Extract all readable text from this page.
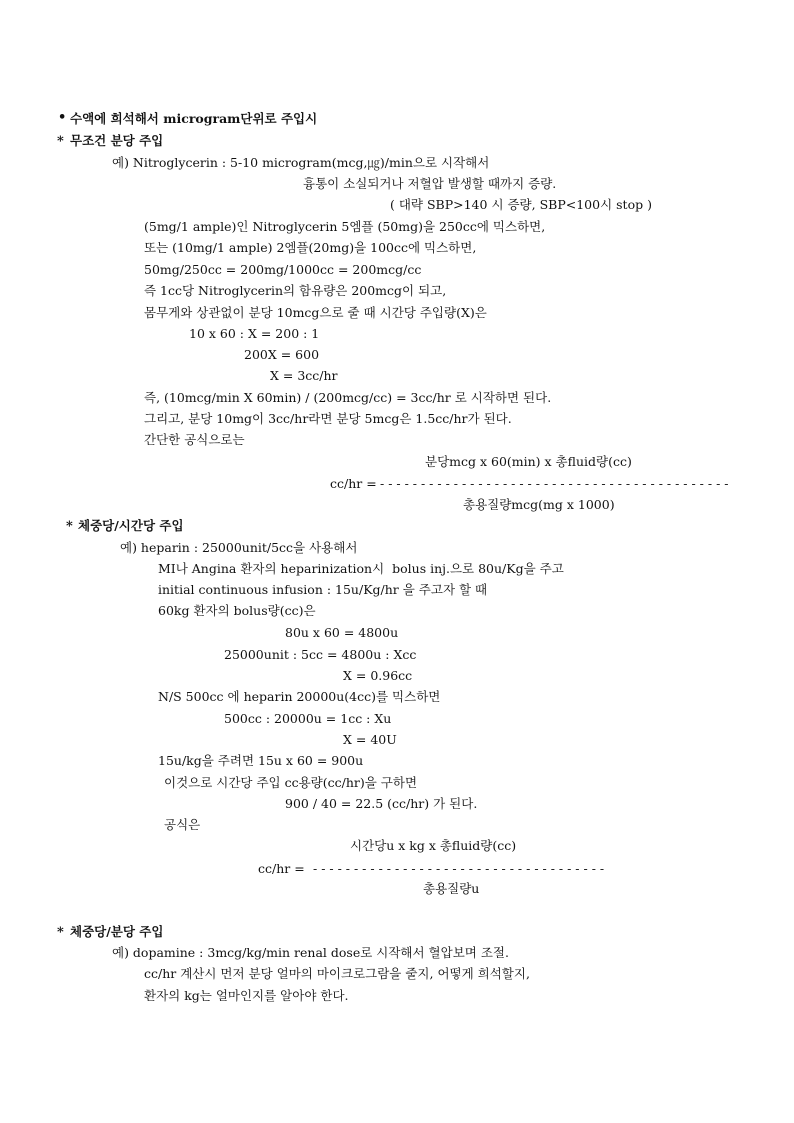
• 수액에 희석해서 microgram단위로 주입시
* 무조건 분당 주입
예) Nitroglycerin : 5-10 microgram(mcg,㎍)/min으로 시작해서
흉통이 소실되거나 저혈압 발생할 때까지 증량.
( 대략 SBP>140 시 증량, SBP<100시 stop )
(5mg/1 ample)인 Nitroglycerin 5엠플 (50mg)을 250cc에 믹스하면,
또는 (10mg/1 ample) 2엠플(20mg)을 100cc에 믹스하면,
50mg/250cc = 200mg/1000cc = 200mcg/cc
즉 1cc당 Nitroglycerin의 함유량은 200mcg이 되고,
몸무게와 상관없이 분당 10mcg으로 줄 때 시간당 주입량(X)은
10 x 60 : X = 200 : 1
200X = 600
X = 3cc/hr
즉, (10mcg/min X 60min) / (200mcg/cc) = 3cc/hr 로 시작하면 된다.
그리고, 분당 10mg이 3cc/hr라면 분당 5mcg은 1.5cc/hr가 된다.
간단한 공식으로는
분당mcg x 60(min) x 총fluid량(cc)
cc/hr = - - - - - - - - - - - - - - - - - - - - - - - - - - - - - - - - - - - - - - - - - - -
총용질량mcg(mg x 1000)
* 체중당/시간당 주입
예) heparin : 25000unit/5cc을 사용해서
MI나 Angina 환자의 heparinization시  bolus inj.으로 80u/Kg을 주고
initial continuous infusion : 15u/Kg/hr 을 주고자 할 때
60kg 환자의 bolus량(cc)은
80u x 60 = 4800u
25000unit : 5cc = 4800u : Xcc
X = 0.96cc
N/S 500cc 에 heparin 20000u(4cc)를 믹스하면
500cc : 20000u = 1cc : Xu
X = 40U
15u/kg을 주려면 15u x 60 = 900u
이것으로 시간당 주입 cc용량(cc/hr)을 구하면
900 / 40 = 22.5 (cc/hr) 가 된다.
공식은
시간당u x kg x 총fluid량(cc)
cc/hr = - - - - - - - - - - - - - - - - - - - - - - - - - - - - - - - - - - - -
총용질량u
* 체중당/분당 주입
예) dopamine : 3mcg/kg/min renal dose로 시작해서 혈압보며 조절.
cc/hr 계산시 먼저 분당 얼마의 마이크로그람을 줄지, 어떻게 희석할지,
환자의 kg는 얼마인지를 알아야 한다.
